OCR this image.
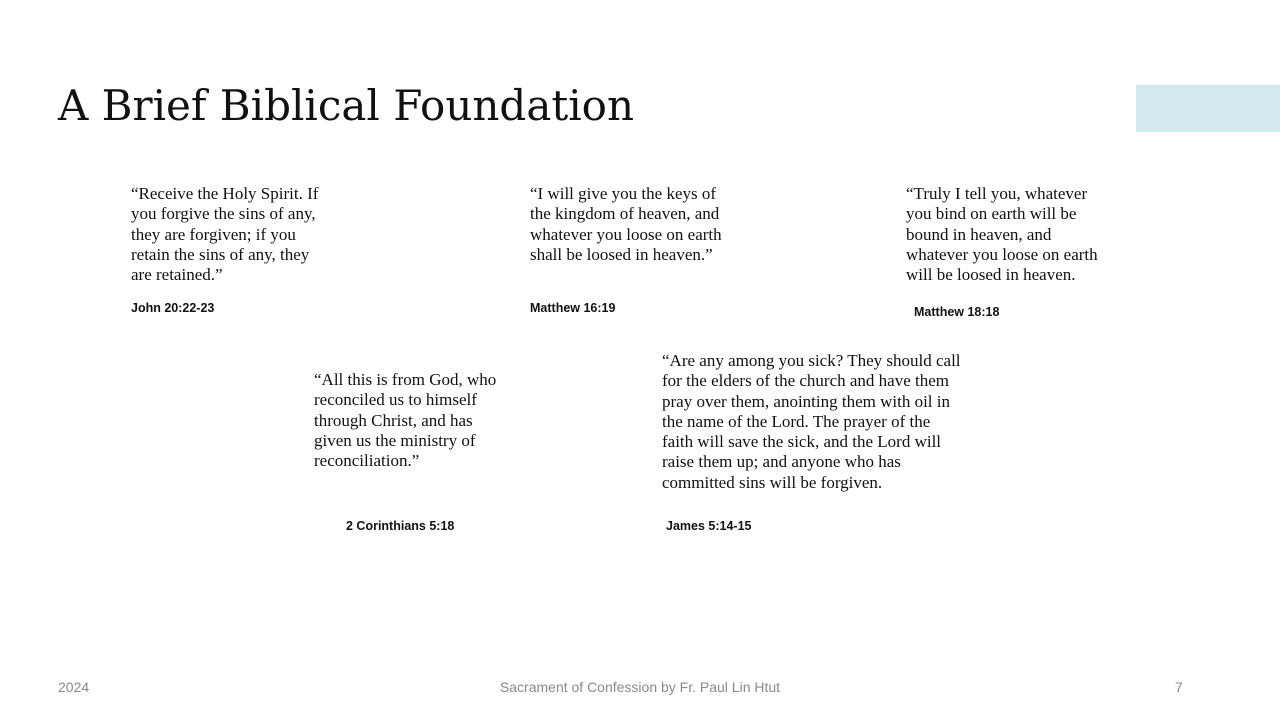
A Brief Biblical Foundation

“Receive the Holy Spirit. If
you forgive the sins of any,
they are forgiven; if you
retain the sins of any, they
are retained.”

John 20:22-23

“I will give you the keys of
the kingdom of heaven, and
whatever you loose on earth
shall be loosed in heaven.”

Matthew 16:19

“Truly I tell you, whatever
you bind on earth will be
bound in heaven, and
whatever you loose on earth
will be loosed in heaven.

Matthew 18:18

“All this is from God, who
reconciled us to himself
through Christ, and has
given us the ministry of
reconciliation.”

2 Corinthians 5:18

“Are any among you sick? They should call
for the elders of the church and have them
pray over them, anointing them with oil in
the name of the Lord. The prayer of the
faith will save the sick, and the Lord will
raise them up; and anyone who has
committed sins will be forgiven.

James 5:14-15

2024	Sacrament of Confession by Fr. Paul Lin Htut	7
